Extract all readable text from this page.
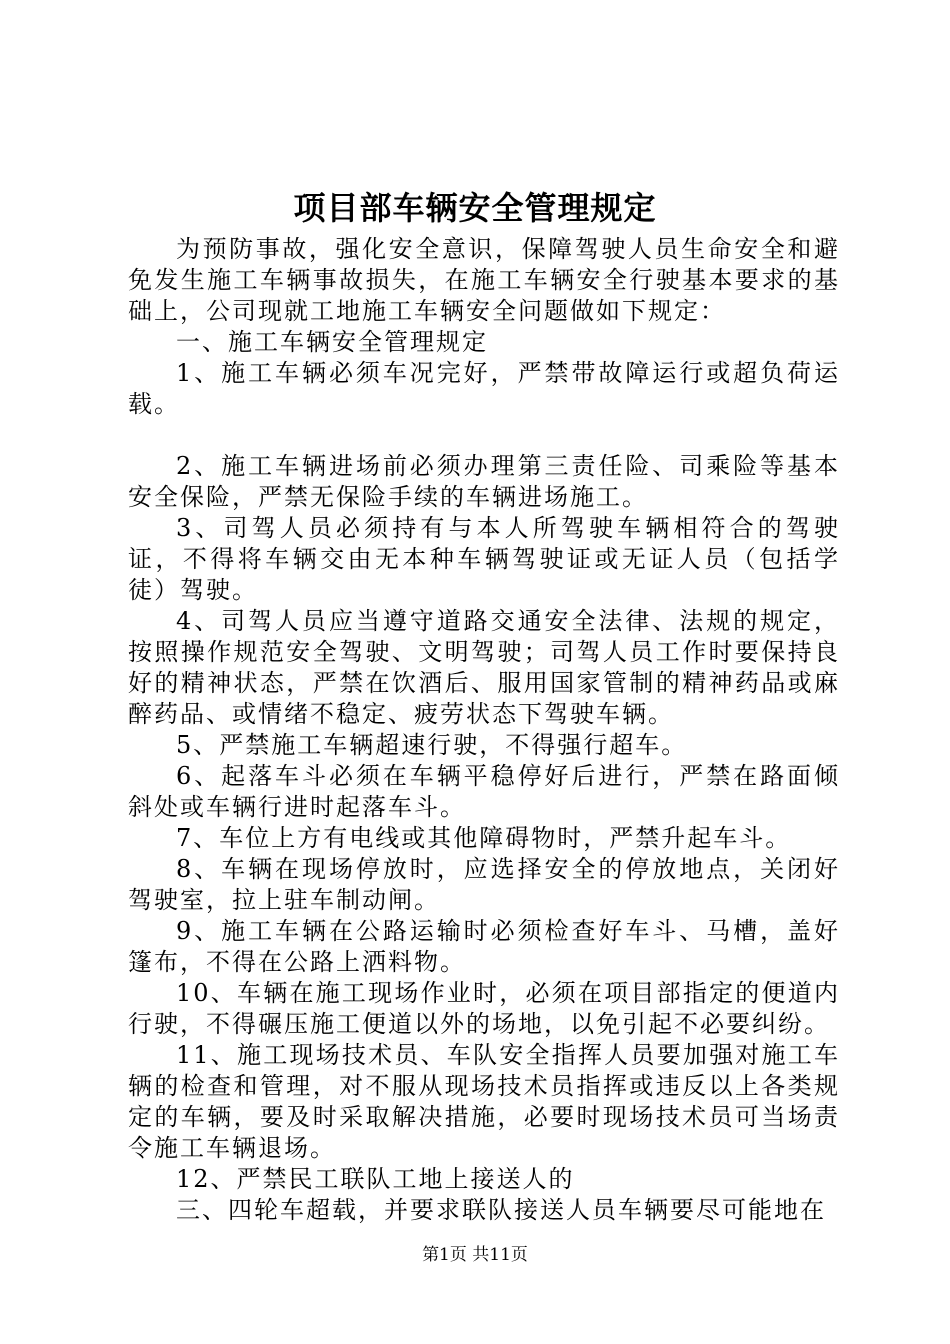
项目部车辆安全管理规定

为预防事故，强化安全意识，保障驾驶人员生命安全和避免发生施工车辆事故损失，在施工车辆安全行驶基本要求的基础上，公司现就工地施工车辆安全问题做如下规定：

一、施工车辆安全管理规定

1、施工车辆必须车况完好，严禁带故障运行或超负荷运载。

2、施工车辆进场前必须办理第三责任险、司乘险等基本安全保险，严禁无保险手续的车辆进场施工。

3、司驾人员必须持有与本人所驾驶车辆相符合的驾驶证，不得将车辆交由无本种车辆驾驶证或无证人员（包括学徒）驾驶。

4、司驾人员应当遵守道路交通安全法律、法规的规定，按照操作规范安全驾驶、文明驾驶；司驾人员工作时要保持良好的精神状态，严禁在饮酒后、服用国家管制的精神药品或麻醉药品、或情绪不稳定、疲劳状态下驾驶车辆。

5、严禁施工车辆超速行驶，不得强行超车。

6、起落车斗必须在车辆平稳停好后进行，严禁在路面倾斜处或车辆行进时起落车斗。

7、车位上方有电线或其他障碍物时，严禁升起车斗。

8、车辆在现场停放时，应选择安全的停放地点，关闭好驾驶室，拉上驻车制动闸。

9、施工车辆在公路运输时必须检查好车斗、马槽，盖好篷布，不得在公路上洒料物。

10、车辆在施工现场作业时，必须在项目部指定的便道内行驶，不得碾压施工便道以外的场地，以免引起不必要纠纷。

11、施工现场技术员、车队安全指挥人员要加强对施工车辆的检查和管理，对不服从现场技术员指挥或违反以上各类规定的车辆，要及时采取解决措施，必要时现场技术员可当场责令施工车辆退场。

12、严禁民工联队工地上接送人的

三、四轮车超载，并要求联队接送人员车辆要尽可能地在

第1页 共11页
